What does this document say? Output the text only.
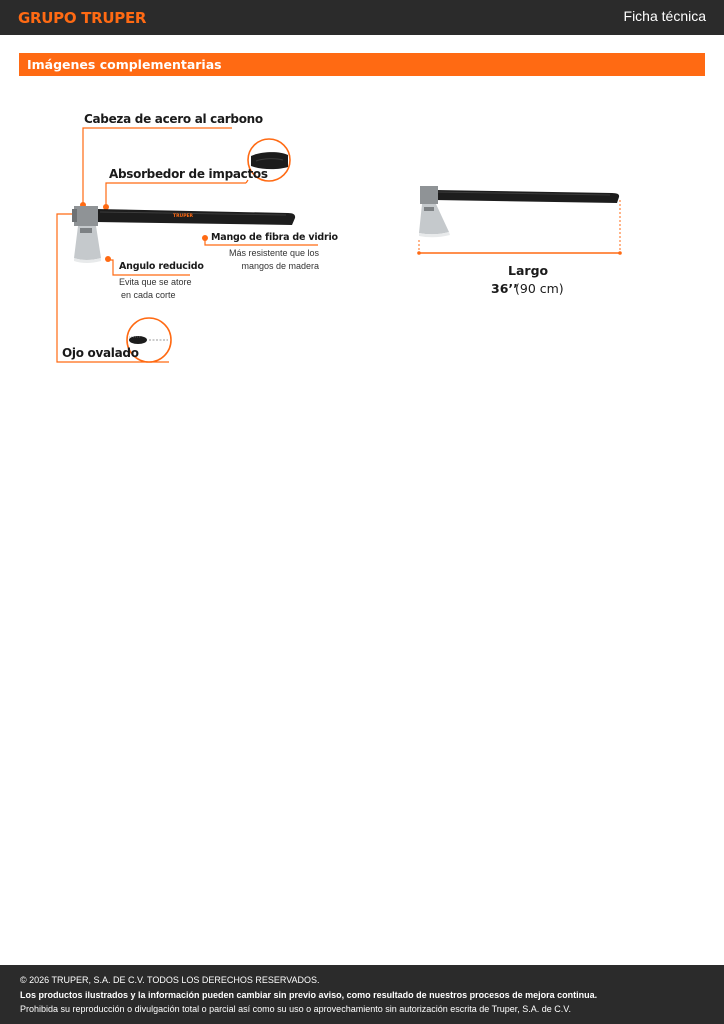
GRUPO TRUPER	Ficha técnica
Imágenes complementarias
TRUPER
Cabeza de acero al carbono
Absorbedor de impactos
Mango de fibra de vidrio
Más resistente que los
mangos de madera
Angulo reducido
Evita que se atore
en cada corte
Ojo ovalado
Largo
36’’
(90 cm)
© 2026 TRUPER, S.A. DE C.V. TODOS LOS DERECHOS RESERVADOS.
Los productos ilustrados y la información pueden cambiar sin previo aviso, como resultado de nuestros procesos de mejora continua.
Prohibida su reproducción o divulgación total o parcial así como su uso o aprovechamiento sin autorización escrita de Truper, S.A. de C.V.
